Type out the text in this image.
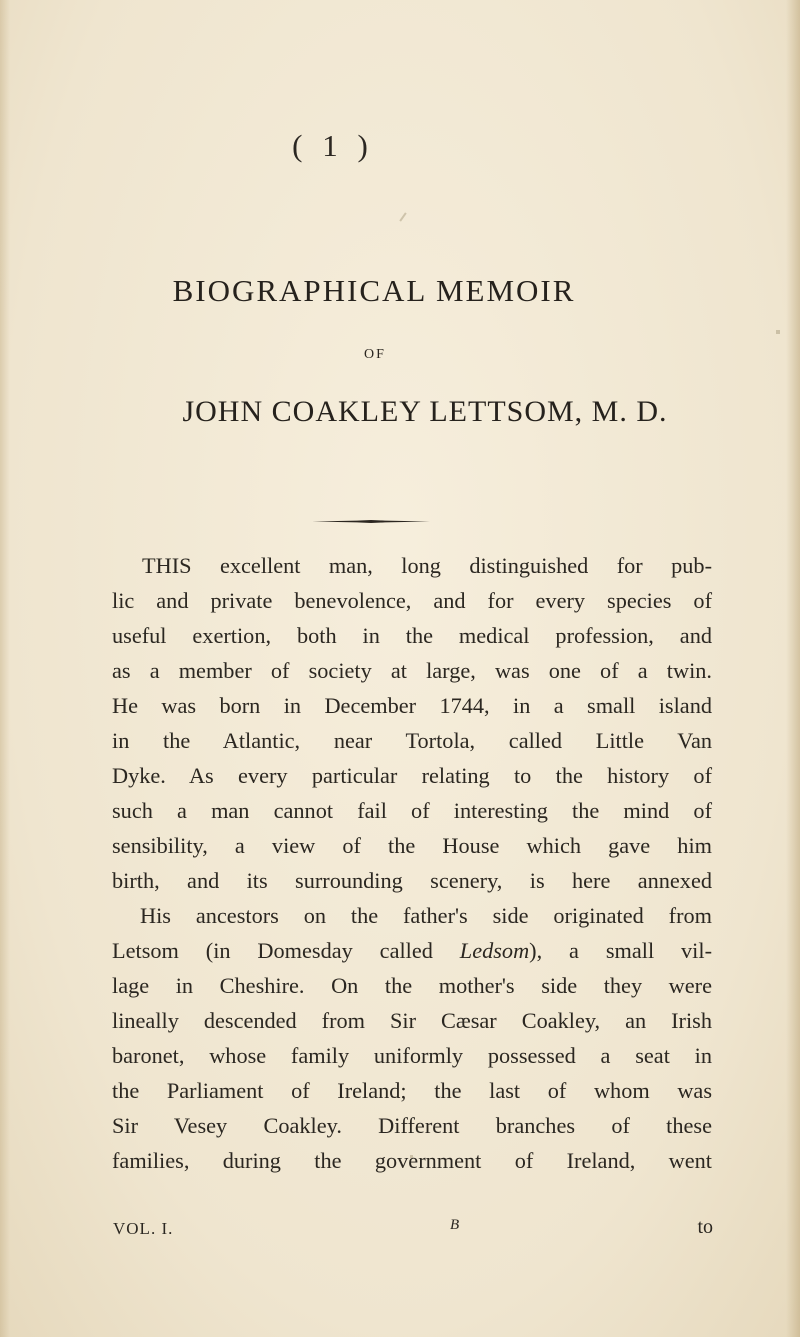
( 1 )
BIOGRAPHICAL MEMOIR
OF
JOHN COAKLEY LETTSOM, M. D.
THIS excellent man, long distinguished for pub-
lic and private benevolence, and for every species of
useful exertion, both in the medical profession, and
as a member of society at large, was one of a twin.
He was born in December 1744, in a small island
in the Atlantic, near Tortola, called Little Van
Dyke. As every particular relating to the history of
such a man cannot fail of interesting the mind of
sensibility, a view of the House which gave him
birth, and its surrounding scenery, is here annexed
His ancestors on the father's side originated from
Letsom (in Domesday called Ledsom), a small vil-
lage in Cheshire. On the mother's side they were
lineally descended from Sir Cæsar Coakley, an Irish
baronet, whose family uniformly possessed a seat in
the Parliament of Ireland; the last of whom was
Sir Vesey Coakley. Different branches of these
families, during the government of Ireland, went
VOL. I.	B	to
